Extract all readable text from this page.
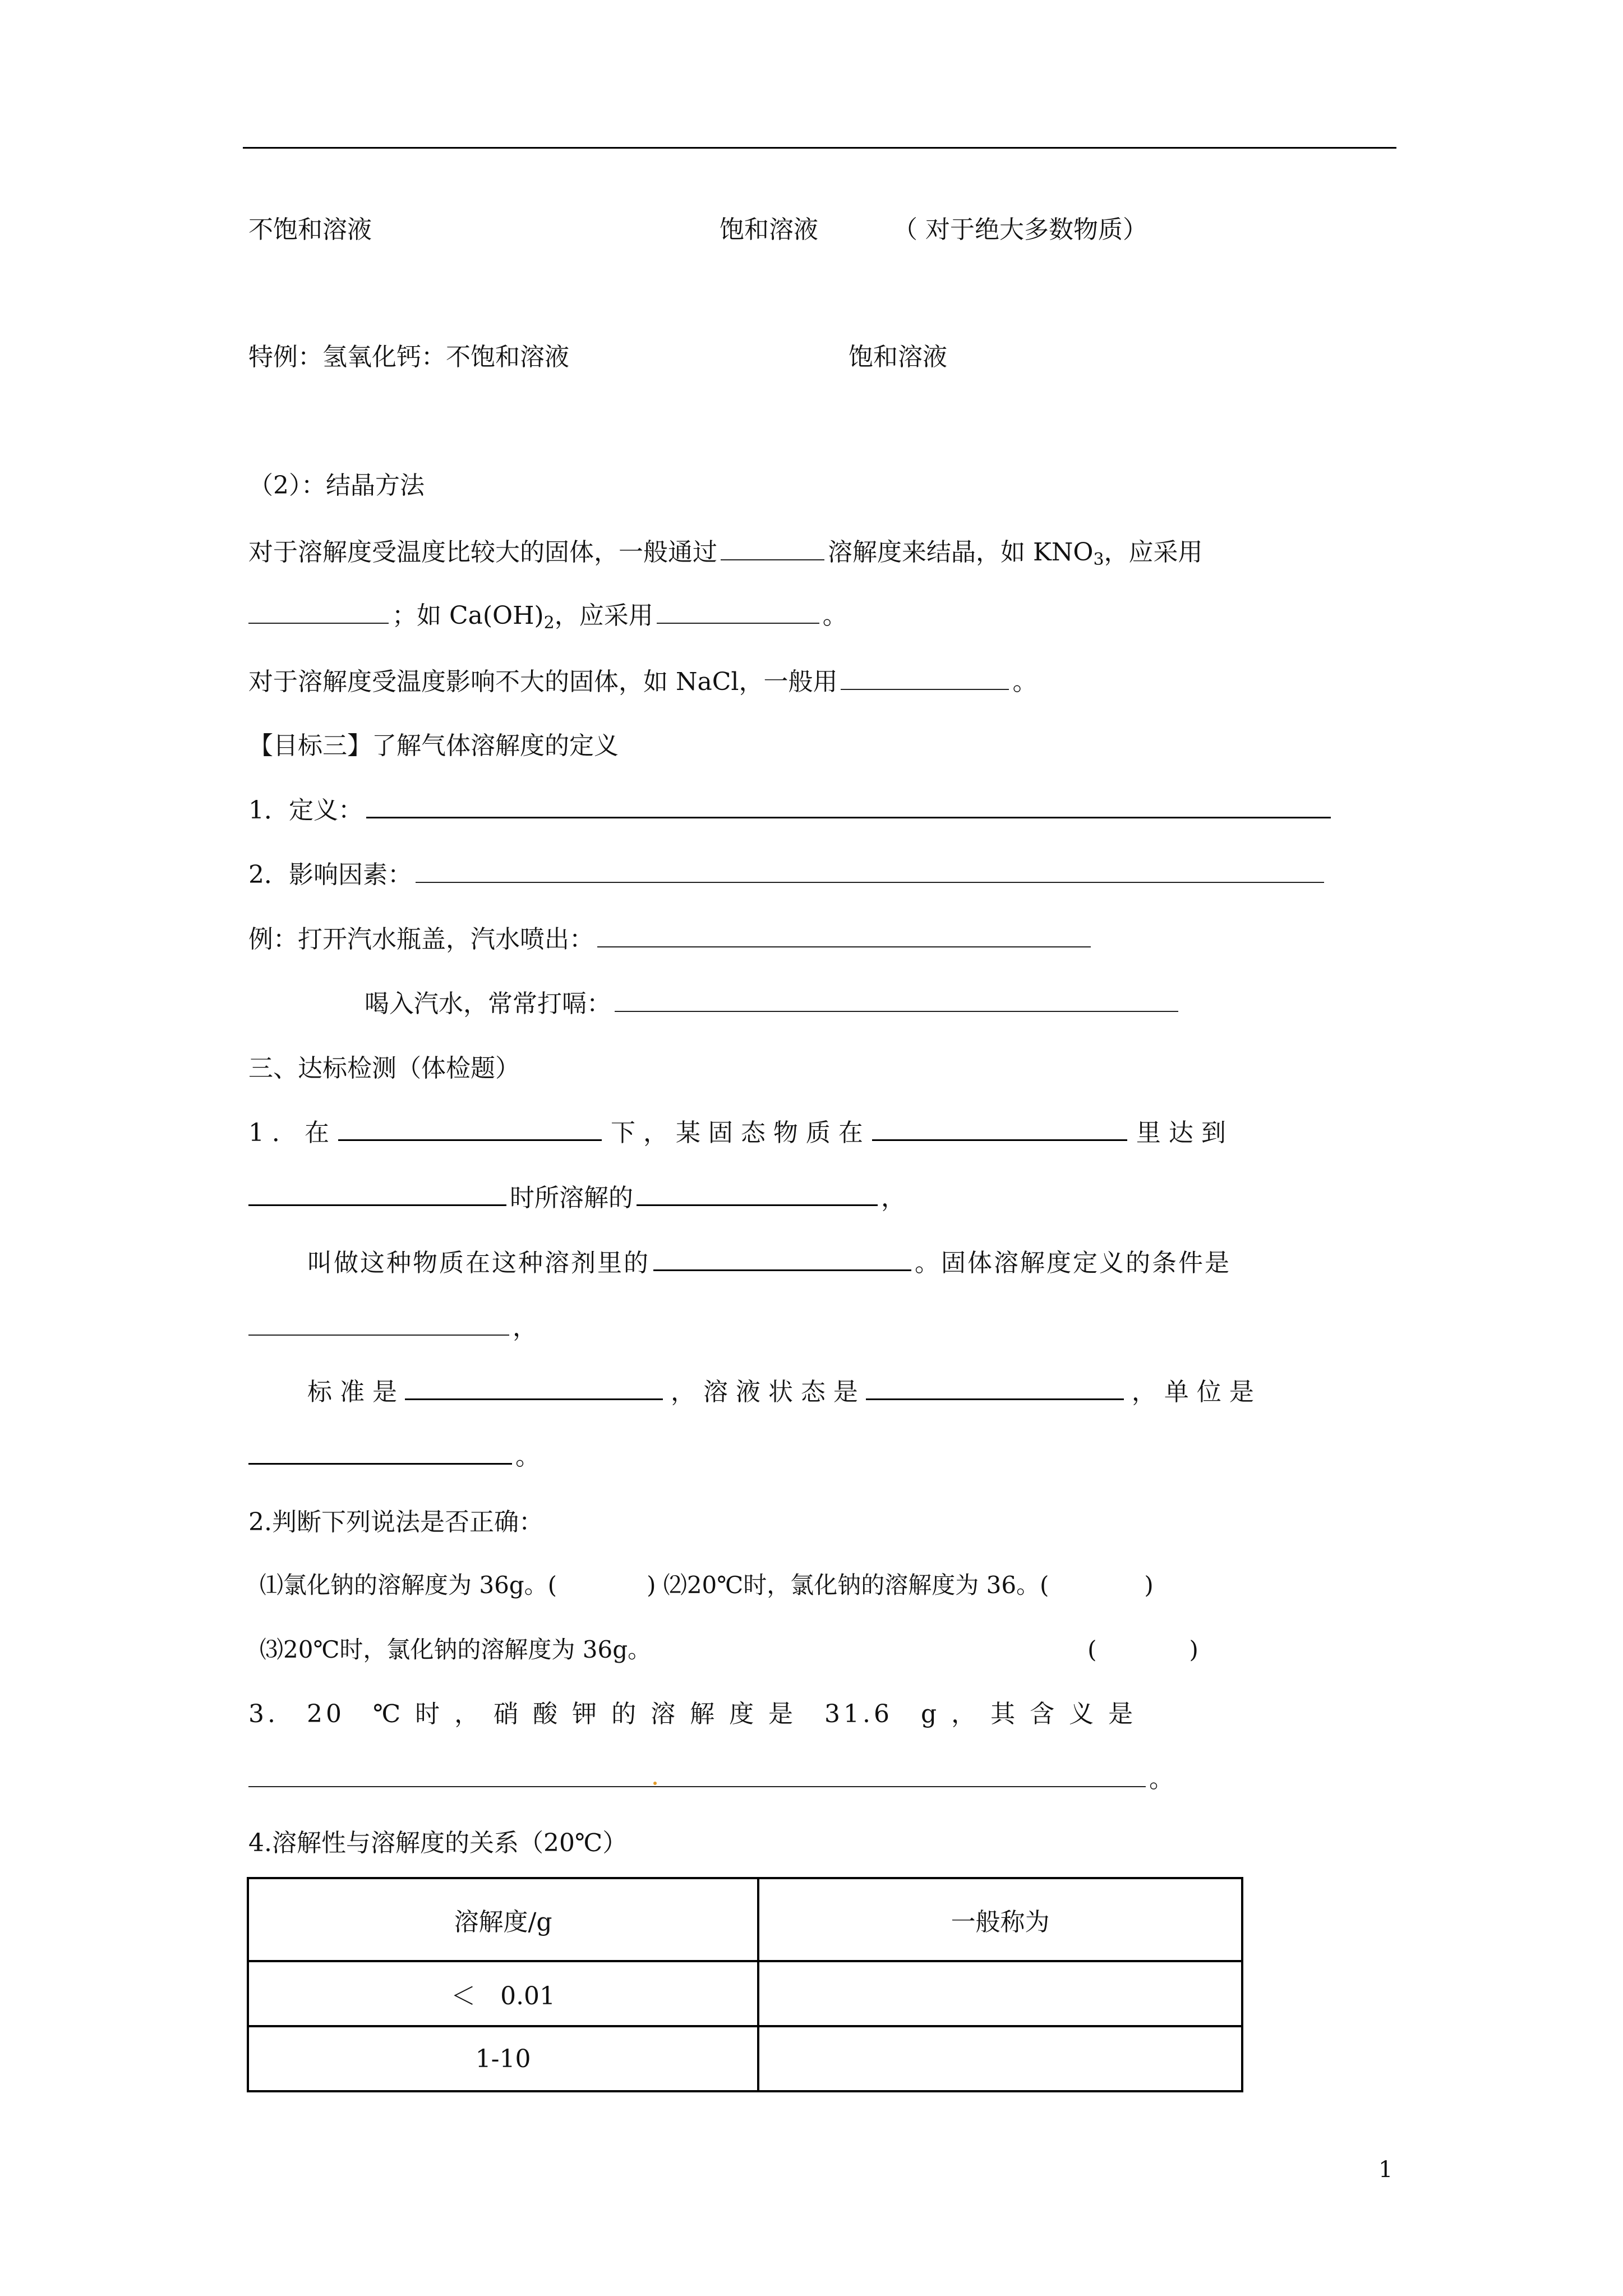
不饱和溶液	饱和溶液	（ 对于绝大多数物质）
特例：氢氧化钙：不饱和溶液	饱和溶液
（2）：结晶方法
对于溶解度受温度比较大的固体，一般通过	溶解度来结晶，如 $KNO_3$，应采用
；如 $Ca(OH)_2$，应采用	。
对于溶解度受温度影响不大的固体，如 NaCl，一般用	。
【目标三】了解气体溶解度的定义
1．定义：
2．影响因素：
例：打开汽水瓶盖，汽水喷出：
喝入汽水，常常打嗝：
三、达标检测（体检题）
1 ． 在	下 ， 某 固 态 物 质 在	里 达 到
时所溶解的	，
叫做这种物质在这种溶剂里的	。固体溶解度定义的条件是
，
标 准 是	， 溶 液 状 态 是	， 单 位 是
。
2.判断下列说法是否正确：
⑴氯化钠的溶解度为 36g。(	) ⑵20℃时，氯化钠的溶解度为 36。(	)
⑶20℃时，氯化钠的溶解度为 36g。	(	)
3.　20　℃ 时 ， 硝 酸 钾 的 溶 解 度 是　31.6　g ， 其 含 义 是
。
4.溶解性与溶解度的关系（20℃）
溶解度/g	一般称为
＜　0.01	
1-10	
1
